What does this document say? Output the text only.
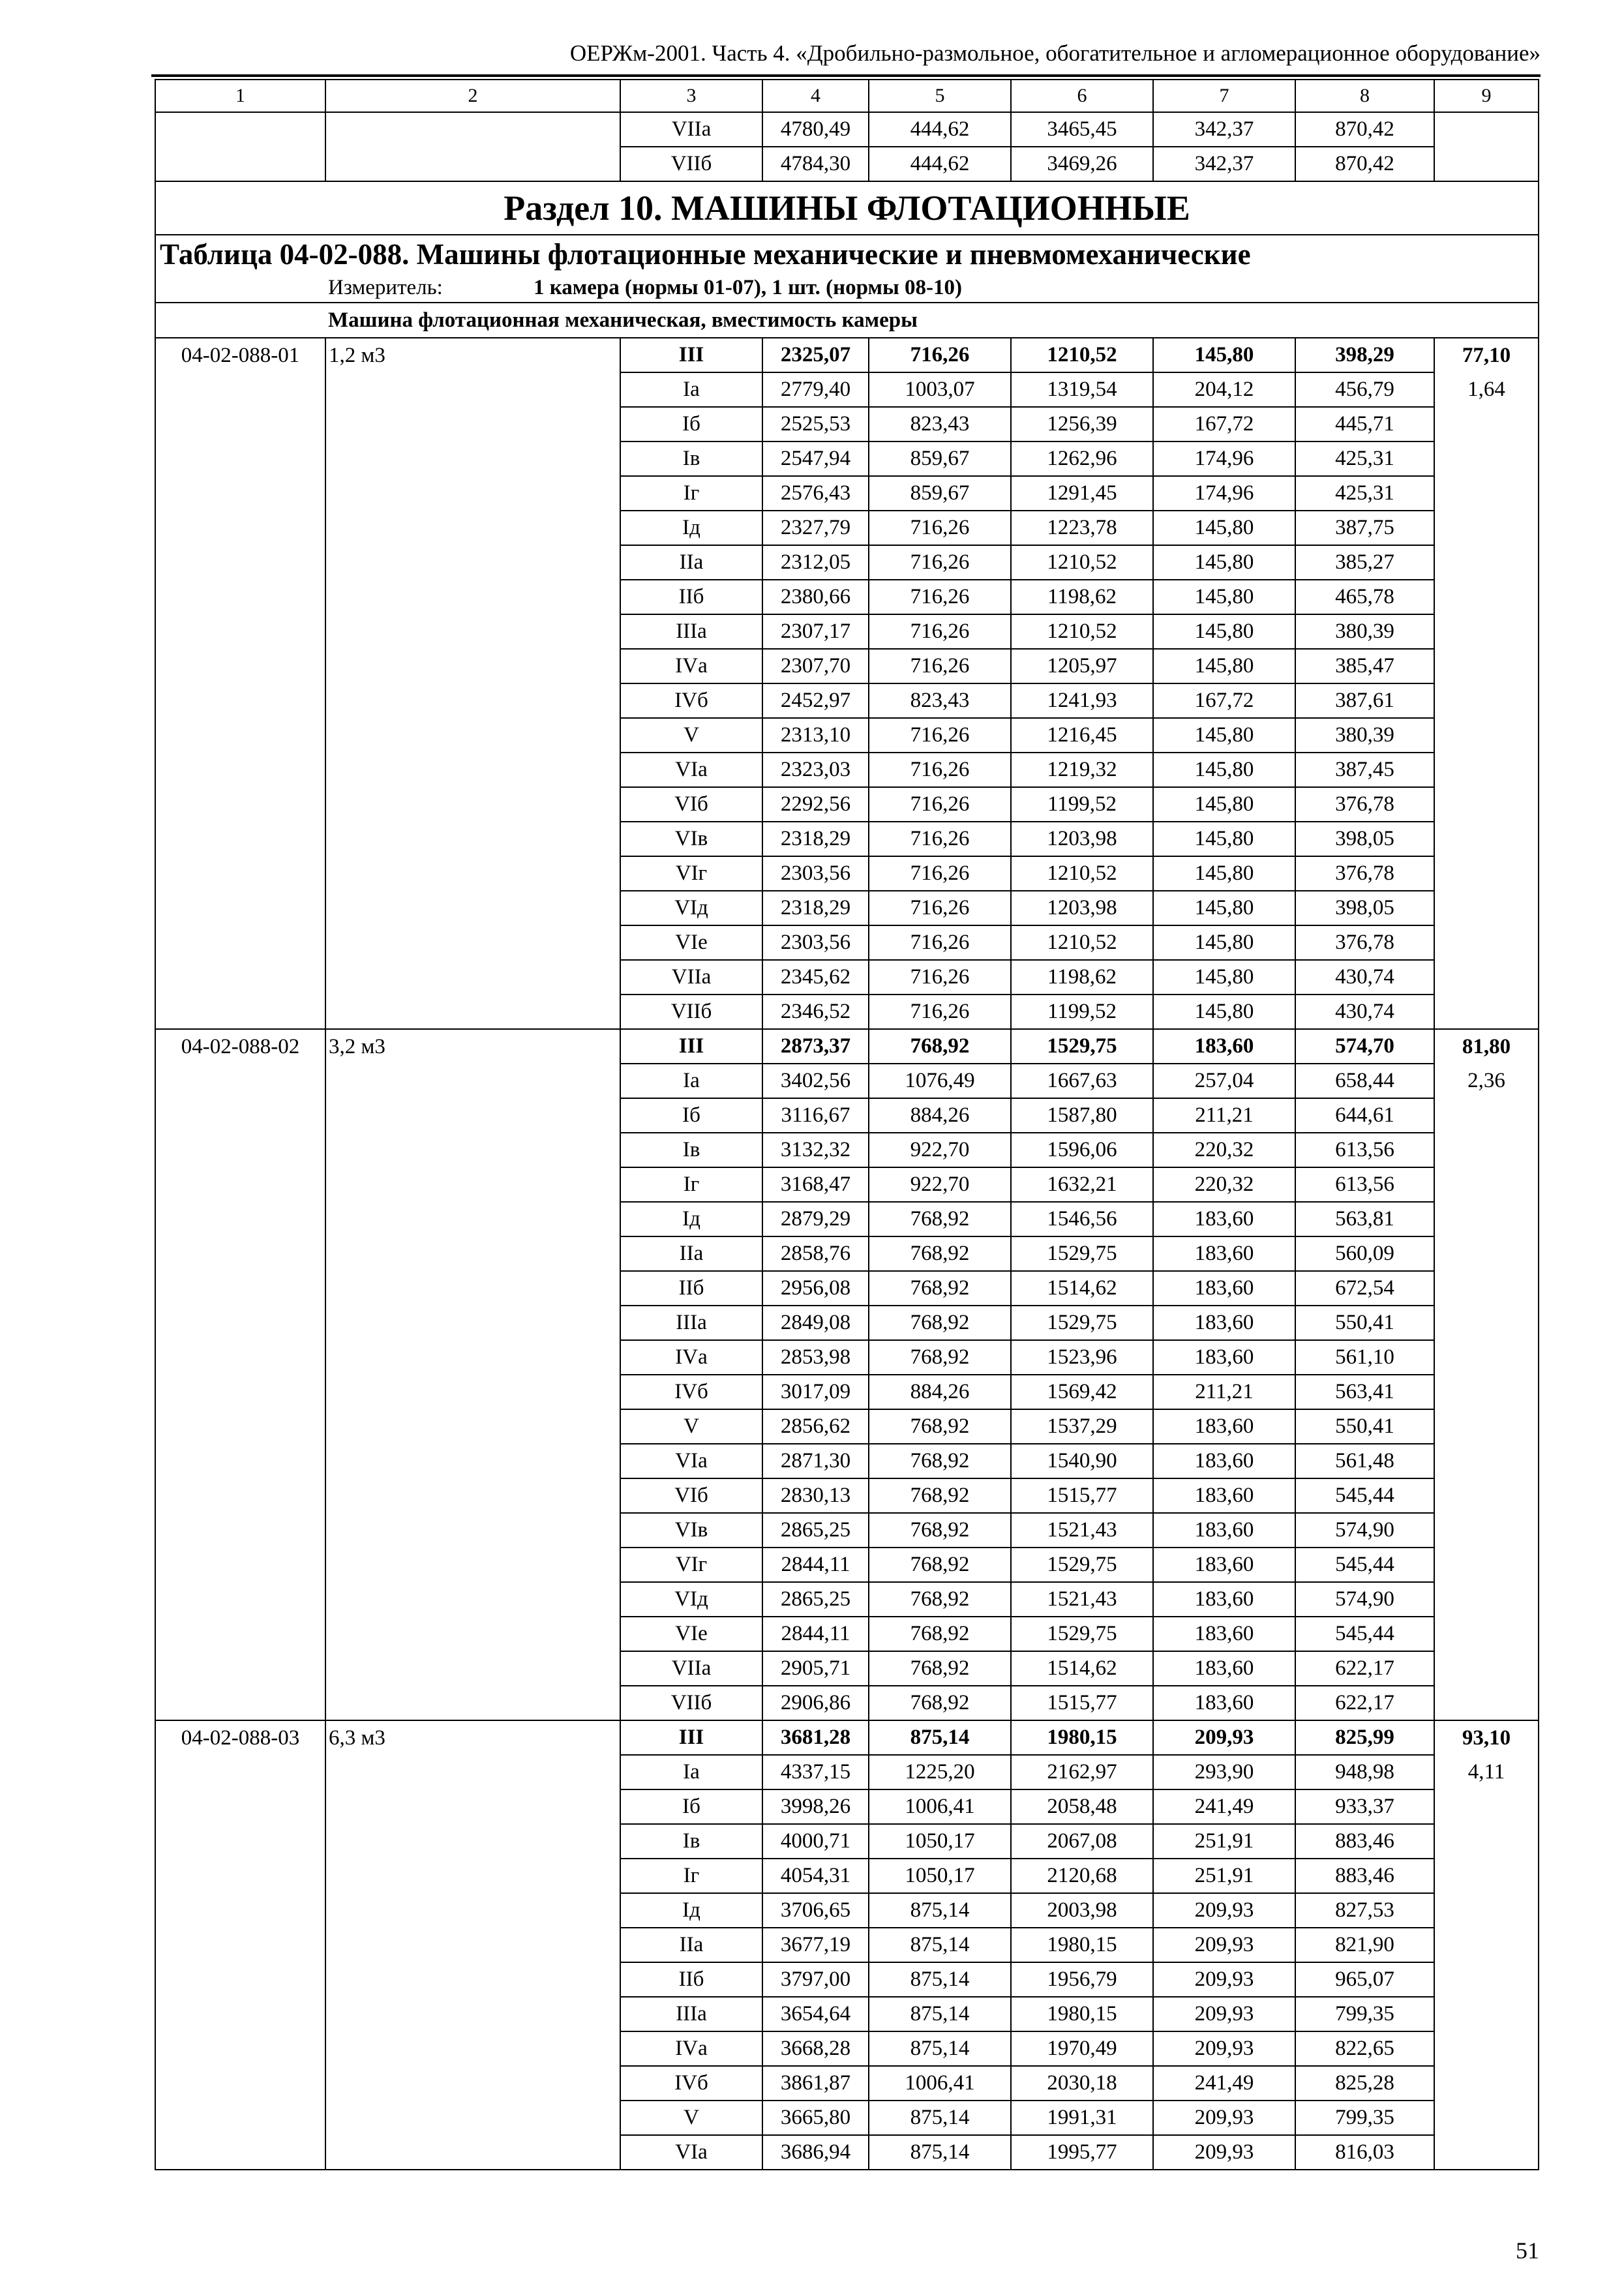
ОЕРЖм-2001. Часть 4. «Дробильно-размольное, обогатительное и агломерационное оборудование»
1	2	3	4	5	6	7	8	9
		VIIа	4780,49	444,62	3465,45	342,37	870,42	
		VIIб	4784,30	444,62	3469,26	342,37	870,42	
Раздел 10. МАШИНЫ ФЛОТАЦИОННЫЕ								
Таблица 04-02-088. Машины флотационные механические и пневмомеханические								
	Измеритель: 1 камера (нормы 01-07), 1 шт. (нормы 08-10)							
	Машина флотационная механическая, вместимость камеры							
04-02-088-01	1,2 м3	III	2325,07	716,26	1210,52	145,80	398,29	77,10
		Iа	2779,40	1003,07	1319,54	204,12	456,79	1,64
		Iб	2525,53	823,43	1256,39	167,72	445,71	
		Iв	2547,94	859,67	1262,96	174,96	425,31	
		Iг	2576,43	859,67	1291,45	174,96	425,31	
		Iд	2327,79	716,26	1223,78	145,80	387,75	
		IIа	2312,05	716,26	1210,52	145,80	385,27	
		IIб	2380,66	716,26	1198,62	145,80	465,78	
		IIIа	2307,17	716,26	1210,52	145,80	380,39	
		IVа	2307,70	716,26	1205,97	145,80	385,47	
		IVб	2452,97	823,43	1241,93	167,72	387,61	
		V	2313,10	716,26	1216,45	145,80	380,39	
		VIа	2323,03	716,26	1219,32	145,80	387,45	
		VIб	2292,56	716,26	1199,52	145,80	376,78	
		VIв	2318,29	716,26	1203,98	145,80	398,05	
		VIг	2303,56	716,26	1210,52	145,80	376,78	
		VIд	2318,29	716,26	1203,98	145,80	398,05	
		VIе	2303,56	716,26	1210,52	145,80	376,78	
		VIIа	2345,62	716,26	1198,62	145,80	430,74	
		VIIб	2346,52	716,26	1199,52	145,80	430,74	
04-02-088-02	3,2 м3	III	2873,37	768,92	1529,75	183,60	574,70	81,80
		Iа	3402,56	1076,49	1667,63	257,04	658,44	2,36
		Iб	3116,67	884,26	1587,80	211,21	644,61	
		Iв	3132,32	922,70	1596,06	220,32	613,56	
		Iг	3168,47	922,70	1632,21	220,32	613,56	
		Iд	2879,29	768,92	1546,56	183,60	563,81	
		IIа	2858,76	768,92	1529,75	183,60	560,09	
		IIб	2956,08	768,92	1514,62	183,60	672,54	
		IIIа	2849,08	768,92	1529,75	183,60	550,41	
		IVа	2853,98	768,92	1523,96	183,60	561,10	
		IVб	3017,09	884,26	1569,42	211,21	563,41	
		V	2856,62	768,92	1537,29	183,60	550,41	
		VIа	2871,30	768,92	1540,90	183,60	561,48	
		VIб	2830,13	768,92	1515,77	183,60	545,44	
		VIв	2865,25	768,92	1521,43	183,60	574,90	
		VIг	2844,11	768,92	1529,75	183,60	545,44	
		VIд	2865,25	768,92	1521,43	183,60	574,90	
		VIе	2844,11	768,92	1529,75	183,60	545,44	
		VIIа	2905,71	768,92	1514,62	183,60	622,17	
		VIIб	2906,86	768,92	1515,77	183,60	622,17	
04-02-088-03	6,3 м3	III	3681,28	875,14	1980,15	209,93	825,99	93,10
		Iа	4337,15	1225,20	2162,97	293,90	948,98	4,11
		Iб	3998,26	1006,41	2058,48	241,49	933,37	
		Iв	4000,71	1050,17	2067,08	251,91	883,46	
		Iг	4054,31	1050,17	2120,68	251,91	883,46	
		Iд	3706,65	875,14	2003,98	209,93	827,53	
		IIа	3677,19	875,14	1980,15	209,93	821,90	
		IIб	3797,00	875,14	1956,79	209,93	965,07	
		IIIа	3654,64	875,14	1980,15	209,93	799,35	
		IVа	3668,28	875,14	1970,49	209,93	822,65	
		IVб	3861,87	1006,41	2030,18	241,49	825,28	
		V	3665,80	875,14	1991,31	209,93	799,35	
		VIа	3686,94	875,14	1995,77	209,93	816,03	
51
